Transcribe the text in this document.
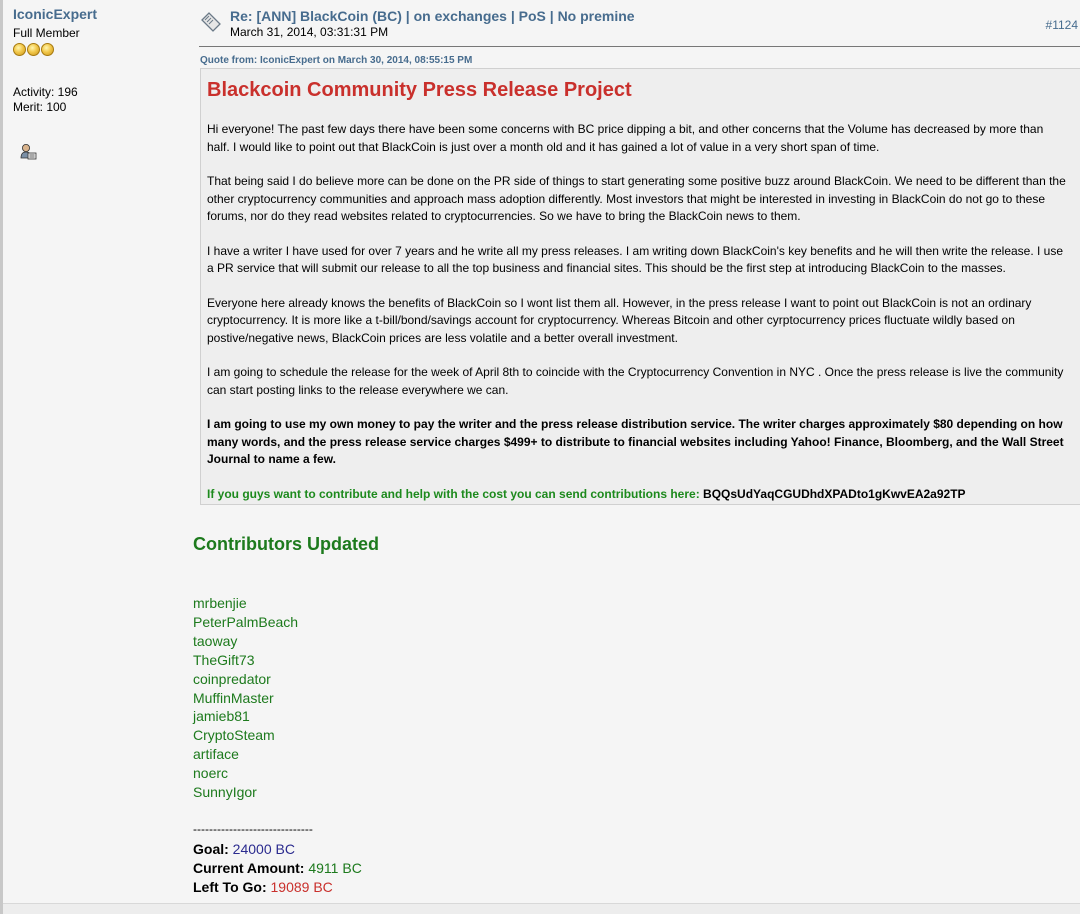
IconicExpert
Full Member
Activity: 196
Merit: 100
Re: [ANN] BlackCoin (BC) | on exchanges | PoS | No premine
March 31, 2014, 03:31:31 PM	#1124
Quote from: IconicExpert on March 30, 2014, 08:55:15 PM
Blackcoin Community Press Release Project

Hi everyone! The past few days there have been some concerns with BC price dipping a bit, and other concerns that the Volume has decreased by more than half. I would like to point out that BlackCoin is just over a month old and it has gained a lot of value in a very short span of time.

That being said I do believe more can be done on the PR side of things to start generating some positive buzz around BlackCoin. We need to be different than the other cryptocurrency communities and approach mass adoption differently. Most investors that might be interested in investing in BlackCoin do not go to these forums, nor do they read websites related to cryptocurrencies. So we have to bring the BlackCoin news to them.

I have a writer I have used for over 7 years and he write all my press releases. I am writing down BlackCoin's key benefits and he will then write the release. I use a PR service that will submit our release to all the top business and financial sites. This should be the first step at introducing BlackCoin to the masses.

Everyone here already knows the benefits of BlackCoin so I wont list them all. However, in the press release I want to point out BlackCoin is not an ordinary cryptocurrency. It is more like a t-bill/bond/savings account for cryptocurrency. Whereas Bitcoin and other cyrptocurrency prices fluctuate wildly based on postive/negative news, BlackCoin prices are less volatile and a better overall investment.

I am going to schedule the release for the week of April 8th to coincide with the Cryptocurrency Convention in NYC . Once the press release is live the community can start posting links to the release everywhere we can.

I am going to use my own money to pay the writer and the press release distribution service. The writer charges approximately $80 depending on how many words, and the press release service charges $499+ to distribute to financial websites including Yahoo! Finance, Bloomberg, and the Wall Street Journal to name a few.

If you guys want to contribute and help with the cost you can send contributions here: BQQsUdYaqCGUDhdXPADto1gKwvEA2a92TP

Contributors Updated
mrbenjie
PeterPalmBeach
taoway
TheGift73
coinpredator
MuffinMaster
jamieb81
CryptoSteam
artiface
noerc
SunnyIgor
------------------------------
Goal: 24000 BC
Current Amount: 4911 BC
Left To Go: 19089 BC
